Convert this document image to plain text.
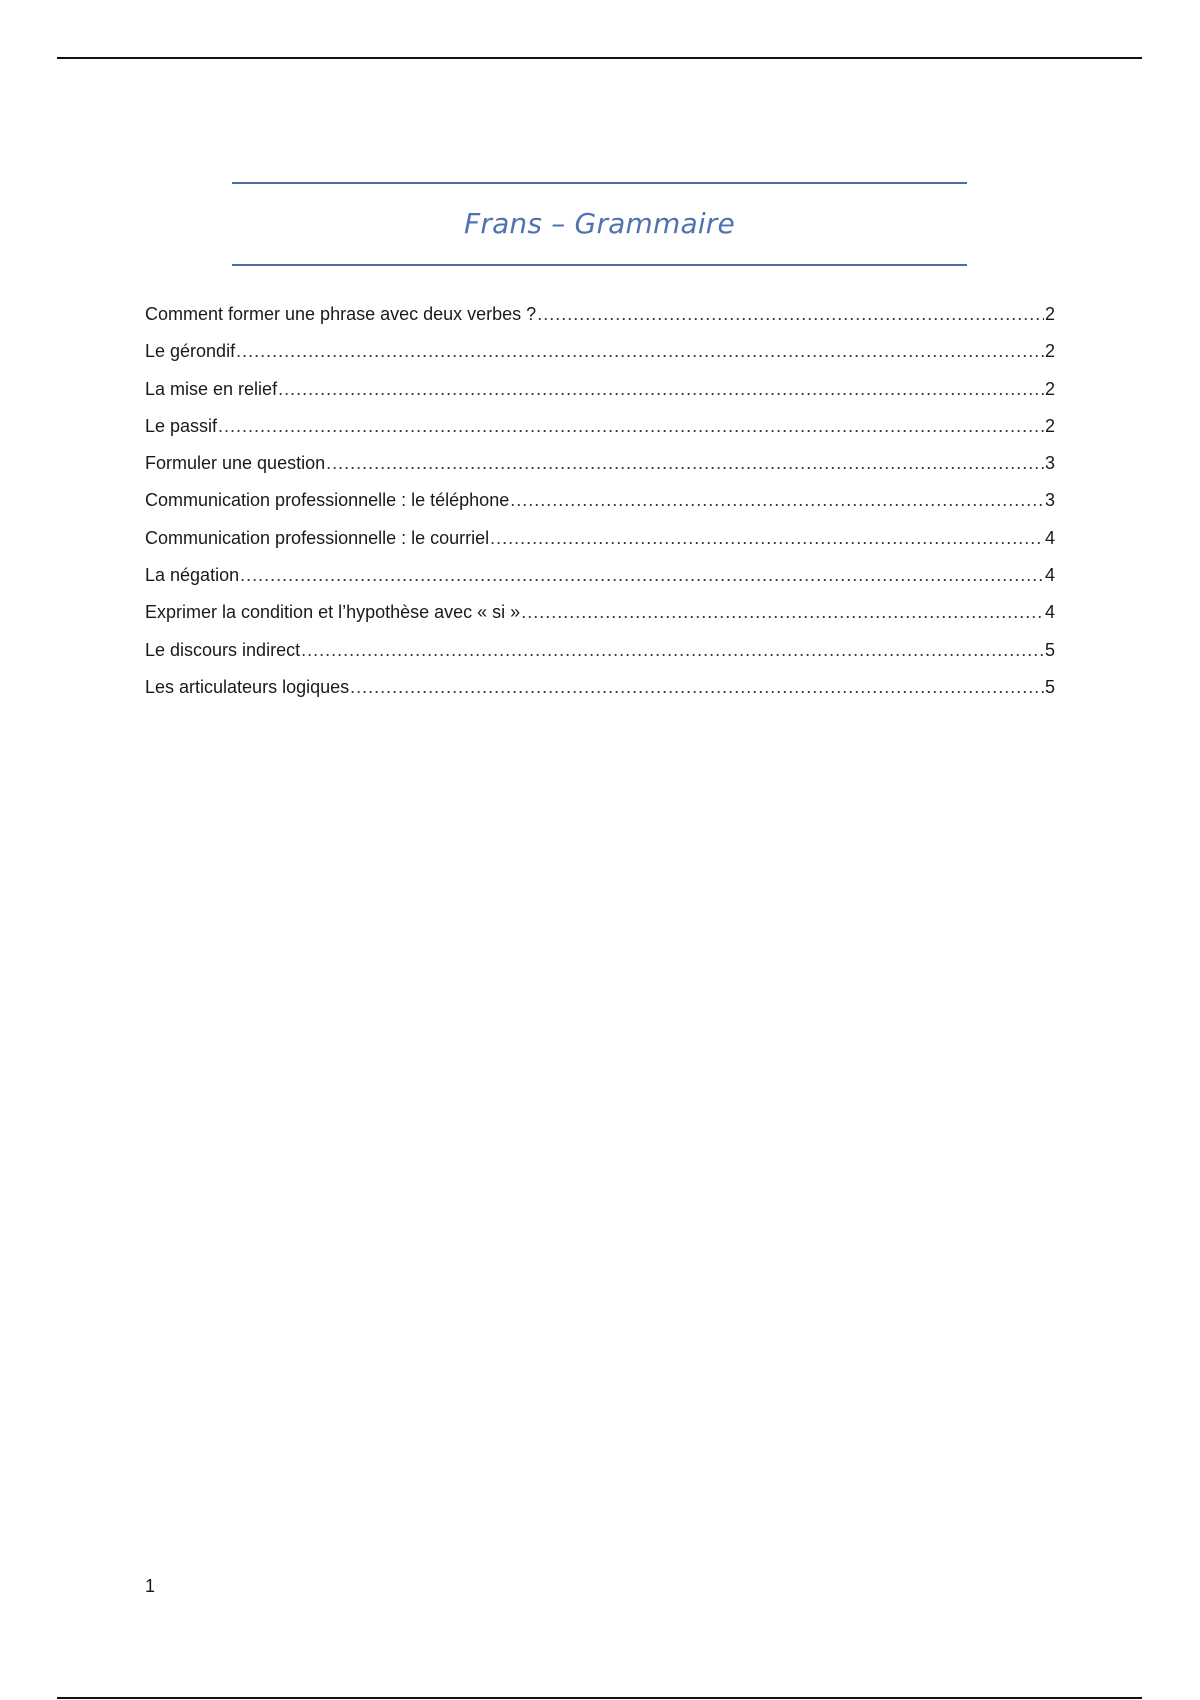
Frans – Grammaire
Comment former une phrase avec deux verbes ? .....	2
Le gérondif .....	2
La mise en relief .....	2
Le passif .....	2
Formuler une question .....	3
Communication professionnelle : le téléphone .....	3
Communication professionnelle : le courriel .....	4
La négation .....	4
Exprimer la condition et l’hypothèse avec « si » .....	4
Le discours indirect .....	5
Les articulateurs logiques .....	5
1
